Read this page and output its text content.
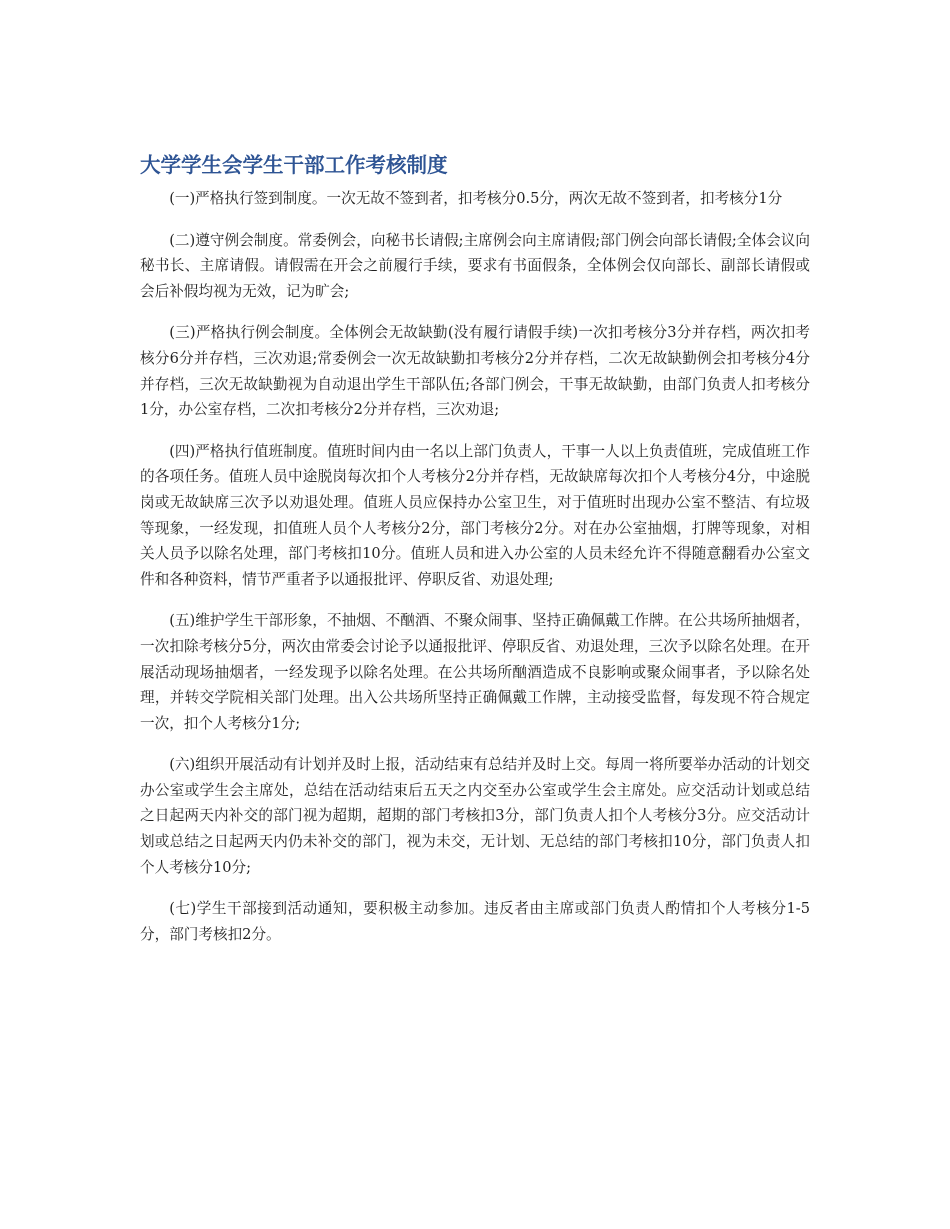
大学学生会学生干部工作考核制度

(一)严格执行签到制度。一次无故不签到者，扣考核分0.5分，两次无故不签到者，扣考核分1分

(二)遵守例会制度。常委例会，向秘书长请假;主席例会向主席请假;部门例会向部长请假;全体会议向秘书长、主席请假。请假需在开会之前履行手续，要求有书面假条，全体例会仅向部长、副部长请假或会后补假均视为无效，记为旷会;

(三)严格执行例会制度。全体例会无故缺勤(没有履行请假手续)一次扣考核分3分并存档，两次扣考核分6分并存档，三次劝退;常委例会一次无故缺勤扣考核分2分并存档，二次无故缺勤例会扣考核分4分并存档，三次无故缺勤视为自动退出学生干部队伍;各部门例会，干事无故缺勤，由部门负责人扣考核分1分，办公室存档，二次扣考核分2分并存档，三次劝退;

(四)严格执行值班制度。值班时间内由一名以上部门负责人，干事一人以上负责值班，完成值班工作的各项任务。值班人员中途脱岗每次扣个人考核分2分并存档，无故缺席每次扣个人考核分4分，中途脱岗或无故缺席三次予以劝退处理。值班人员应保持办公室卫生，对于值班时出现办公室不整洁、有垃圾等现象，一经发现，扣值班人员个人考核分2分，部门考核分2分。对在办公室抽烟，打牌等现象，对相关人员予以除名处理，部门考核扣10分。值班人员和进入办公室的人员未经允许不得随意翻看办公室文件和各种资料，情节严重者予以通报批评、停职反省、劝退处理;

(五)维护学生干部形象，不抽烟、不酗酒、不聚众闹事、坚持正确佩戴工作牌。在公共场所抽烟者，一次扣除考核分5分，两次由常委会讨论予以通报批评、停职反省、劝退处理，三次予以除名处理。在开展活动现场抽烟者，一经发现予以除名处理。在公共场所酗酒造成不良影响或聚众闹事者，予以除名处理，并转交学院相关部门处理。出入公共场所坚持正确佩戴工作牌，主动接受监督，每发现不符合规定一次，扣个人考核分1分;

(六)组织开展活动有计划并及时上报，活动结束有总结并及时上交。每周一将所要举办活动的计划交办公室或学生会主席处，总结在活动结束后五天之内交至办公室或学生会主席处。应交活动计划或总结之日起两天内补交的部门视为超期，超期的部门考核扣3分，部门负责人扣个人考核分3分。应交活动计划或总结之日起两天内仍未补交的部门，视为未交，无计划、无总结的部门考核扣10分，部门负责人扣个人考核分10分;

(七)学生干部接到活动通知，要积极主动参加。违反者由主席或部门负责人酌情扣个人考核分1-5分，部门考核扣2分。
